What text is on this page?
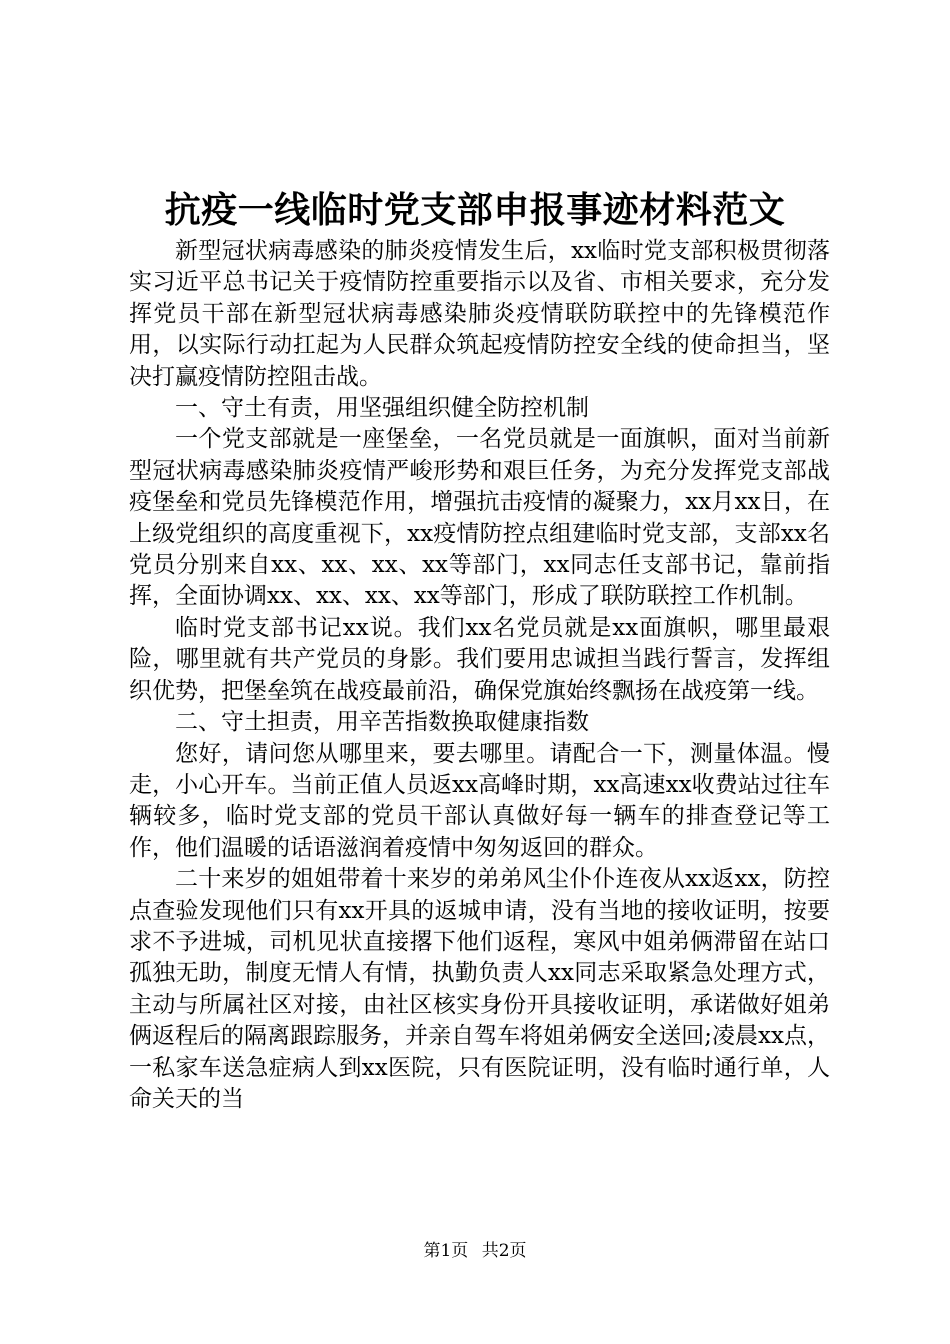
抗疫一线临时党支部申报事迹材料范文

新型冠状病毒感染的肺炎疫情发生后，xx临时党支部积极贯彻落实习近平总书记关于疫情防控重要指示以及省、市相关要求，充分发挥党员干部在新型冠状病毒感染肺炎疫情联防联控中的先锋模范作用，以实际行动扛起为人民群众筑起疫情防控安全线的使命担当，坚决打赢疫情防控阻击战。

一、守土有责，用坚强组织健全防控机制

一个党支部就是一座堡垒，一名党员就是一面旗帜，面对当前新型冠状病毒感染肺炎疫情严峻形势和艰巨任务，为充分发挥党支部战疫堡垒和党员先锋模范作用，增强抗击疫情的凝聚力，xx月xx日，在上级党组织的高度重视下，xx疫情防控点组建临时党支部，支部xx名党员分别来自xx、xx、xx、xx等部门，xx同志任支部书记，靠前指挥，全面协调xx、xx、xx、xx等部门，形成了联防联控工作机制。

临时党支部书记xx说。我们xx名党员就是xx面旗帜，哪里最艰险，哪里就有共产党员的身影。我们要用忠诚担当践行誓言，发挥组织优势，把堡垒筑在战疫最前沿，确保党旗始终飘扬在战疫第一线。

二、守土担责，用辛苦指数换取健康指数

您好，请问您从哪里来，要去哪里。请配合一下，测量体温。慢走，小心开车。当前正值人员返xx高峰时期，xx高速xx收费站过往车辆较多，临时党支部的党员干部认真做好每一辆车的排查登记等工作，他们温暖的话语滋润着疫情中匆匆返回的群众。

二十来岁的姐姐带着十来岁的弟弟风尘仆仆连夜从xx返xx，防控点查验发现他们只有xx开具的返城申请，没有当地的接收证明，按要求不予进城，司机见状直接撂下他们返程，寒风中姐弟俩滞留在站口孤独无助，制度无情人有情，执勤负责人xx同志采取紧急处理方式，主动与所属社区对接，由社区核实身份开具接收证明，承诺做好姐弟俩返程后的隔离跟踪服务，并亲自驾车将姐弟俩安全送回;凌晨xx点，一私家车送急症病人到xx医院，只有医院证明，没有临时通行单，人命关天的当

第1页 共2页
